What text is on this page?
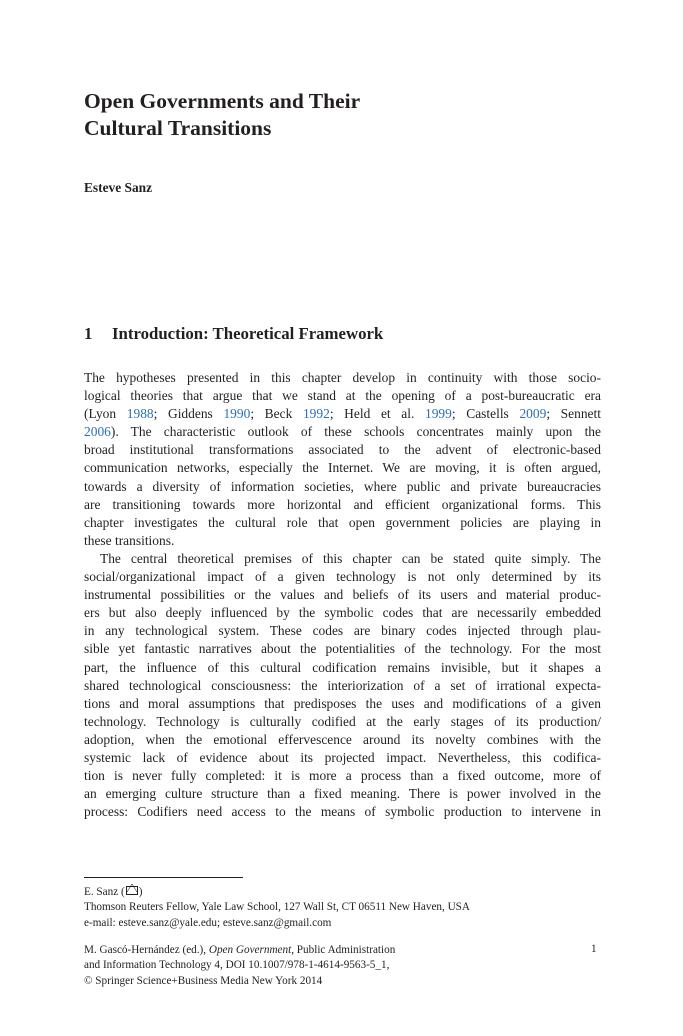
Open Governments and Their
Cultural Transitions
Esteve Sanz
1 Introduction: Theoretical Framework
The hypotheses presented in this chapter develop in continuity with those socio-
logical theories that argue that we stand at the opening of a post-bureaucratic era
(Lyon 1988; Giddens 1990; Beck 1992; Held et al. 1999; Castells 2009; Sennett
2006). The characteristic outlook of these schools concentrates mainly upon the
broad institutional transformations associated to the advent of electronic-based
communication networks, especially the Internet. We are moving, it is often argued,
towards a diversity of information societies, where public and private bureaucracies
are transitioning towards more horizontal and efficient organizational forms. This
chapter investigates the cultural role that open government policies are playing in
these transitions.
The central theoretical premises of this chapter can be stated quite simply. The
social/organizational impact of a given technology is not only determined by its
instrumental possibilities or the values and beliefs of its users and material produc-
ers but also deeply influenced by the symbolic codes that are necessarily embedded
in any technological system. These codes are binary codes injected through plau-
sible yet fantastic narratives about the potentialities of the technology. For the most
part, the influence of this cultural codification remains invisible, but it shapes a
shared technological consciousness: the interiorization of a set of irrational expecta-
tions and moral assumptions that predisposes the uses and modifications of a given
technology. Technology is culturally codified at the early stages of its production/
adoption, when the emotional effervescence around its novelty combines with the
systemic lack of evidence about its projected impact. Nevertheless, this codifica-
tion is never fully completed: it is more a process than a fixed outcome, more of
an emerging culture structure than a fixed meaning. There is power involved in the
process: Codifiers need access to the means of symbolic production to intervene in
E. Sanz ( )
Thomson Reuters Fellow, Yale Law School, 127 Wall St, CT 06511 New Haven, USA
e-mail: esteve.sanz@yale.edu; esteve.sanz@gmail.com
M. Gascó-Hernández (ed.), Open Government, Public Administration
and Information Technology 4, DOI 10.1007/978-1-4614-9563-5_1,
© Springer Science+Business Media New York 2014
1
